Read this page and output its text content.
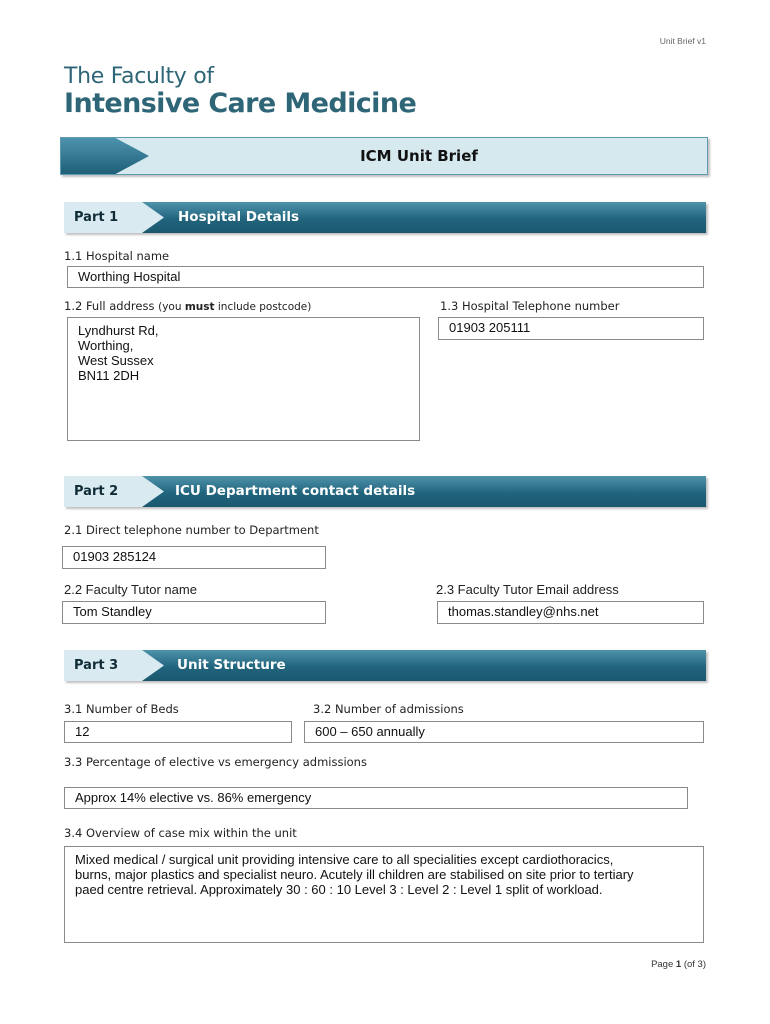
Unit Brief v1
The Faculty of
Intensive Care Medicine
ICM Unit Brief
Part 1	Hospital Details
1.1 Hospital name
Worthing Hospital
1.2 Full address (you must include postcode)
Lyndhurst Rd,
Worthing,
West Sussex
BN11 2DH
1.3 Hospital Telephone number
01903 205111
Part 2	ICU Department contact details
2.1 Direct telephone number to Department
01903 285124
2.2 Faculty Tutor name
Tom Standley
2.3 Faculty Tutor Email address
thomas.standley@nhs.net
Part 3	Unit Structure
3.1 Number of Beds
12
3.2 Number of admissions
600 – 650 annually
3.3 Percentage of elective vs emergency admissions
Approx 14% elective vs. 86% emergency
3.4 Overview of case mix within the unit
Mixed medical / surgical unit providing intensive care to all specialities except cardiothoracics,
burns, major plastics and specialist neuro. Acutely ill children are stabilised on site prior to tertiary
paed centre retrieval. Approximately 30 : 60 : 10 Level 3 : Level 2 : Level 1 split of workload.
Page 1 (of 3)
